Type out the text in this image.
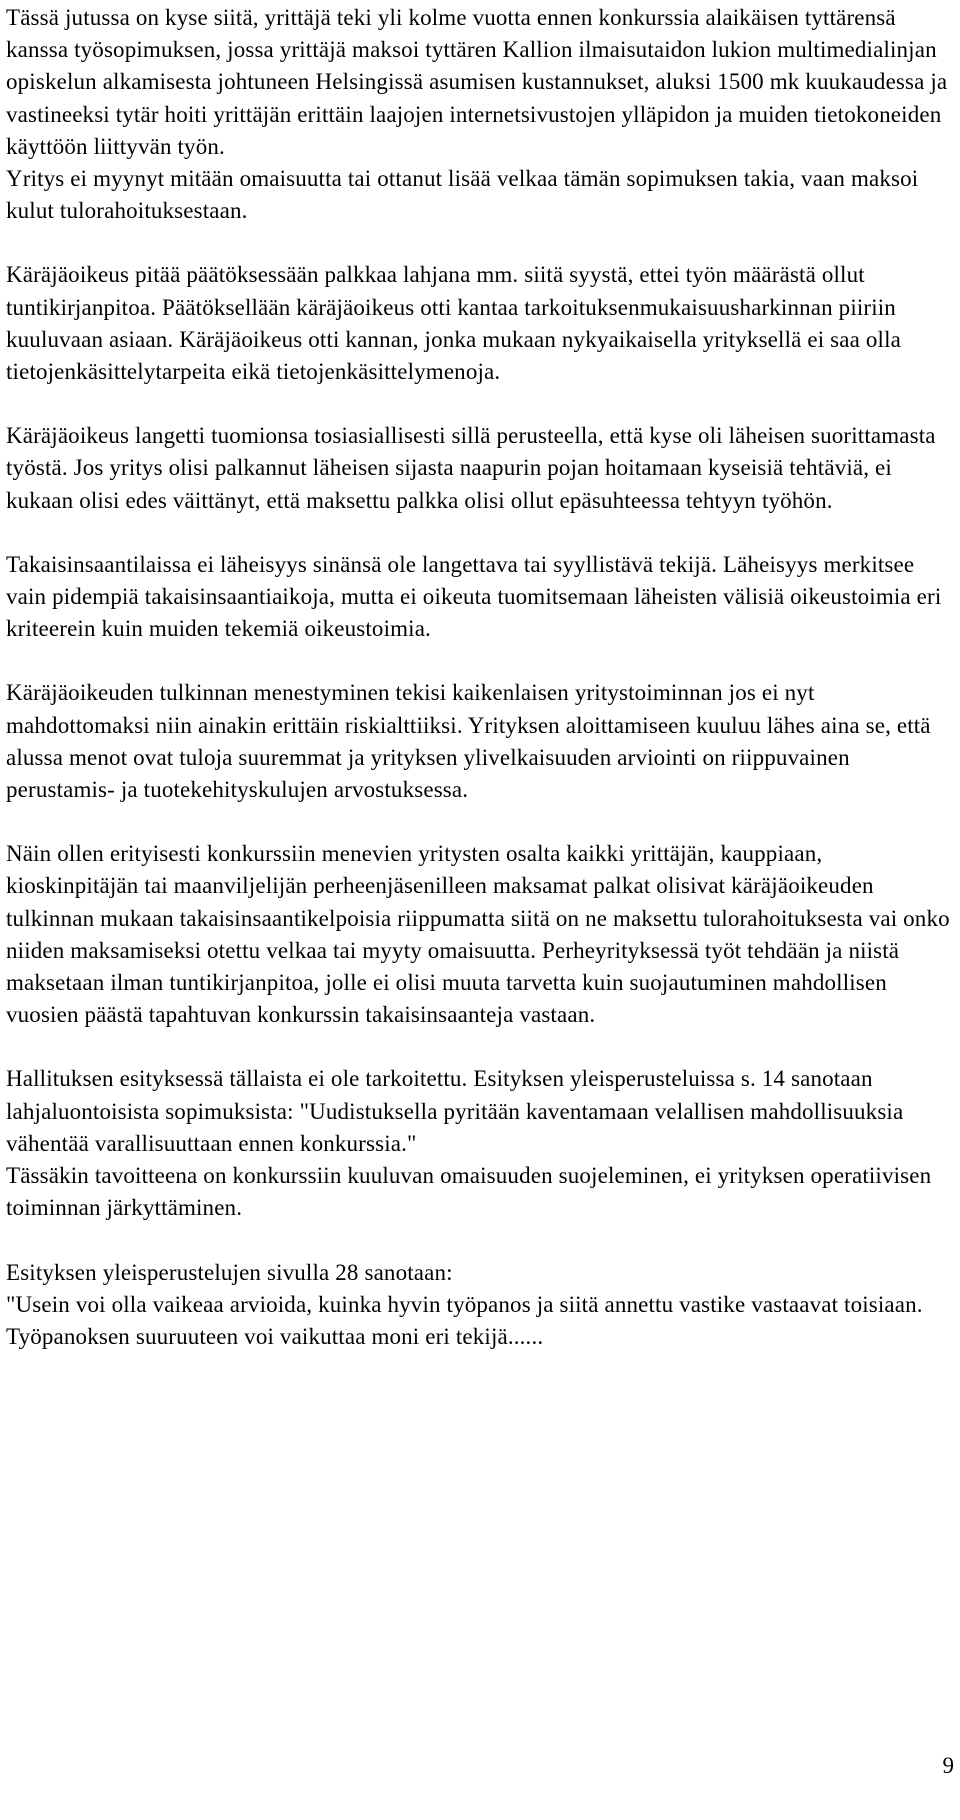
Tässä jutussa on kyse siitä, yrittäjä teki yli kolme vuotta ennen konkurssia alaikäisen tyttärensä kanssa työsopimuksen, jossa yrittäjä maksoi tyttären Kallion ilmaisutaidon lukion multimedialinjan opiskelun alkamisesta johtuneen Helsingissä asumisen kustannukset, aluksi 1500 mk kuukaudessa ja vastineeksi tytär hoiti yrittäjän erittäin laajojen internetsivustojen ylläpidon ja muiden tietokoneiden käyttöön liittyvän työn.

Yritys ei myynyt mitään omaisuutta tai ottanut lisää velkaa tämän sopimuksen takia, vaan maksoi kulut tulorahoituksestaan.

Käräjäoikeus pitää päätöksessään palkkaa lahjana mm. siitä syystä, ettei työn määrästä ollut tuntikirjanpitoa. Päätöksellään käräjäoikeus otti kantaa tarkoituksenmukaisuusharkinnan piiriin kuuluvaan asiaan. Käräjäoikeus otti kannan, jonka mukaan nykyaikaisella yrityksellä ei saa olla tietojenkäsittelytarpeita eikä tietojenkäsittelymenoja.

Käräjäoikeus langetti tuomionsa tosiasiallisesti sillä perusteella, että kyse oli läheisen suorittamasta työstä. Jos yritys olisi palkannut läheisen sijasta naapurin pojan hoitamaan kyseisiä tehtäviä, ei kukaan olisi edes väittänyt, että maksettu palkka olisi ollut epäsuhteessa tehtyyn työhön.

Takaisinsaantilaissa ei läheisyys sinänsä ole langettava tai syyllistävä tekijä. Läheisyys merkitsee vain pidempiä takaisinsaantiaikoja, mutta ei oikeuta tuomitsemaan läheisten välisiä oikeustoimia eri kriteerein kuin muiden tekemiä oikeustoimia.

Käräjäoikeuden tulkinnan menestyminen tekisi kaikenlaisen yritystoiminnan jos ei nyt mahdottomaksi niin ainakin erittäin riskialttiiksi. Yrityksen aloittamiseen kuuluu lähes aina se, että alussa menot ovat tuloja suuremmat ja yrityksen ylivelkaisuuden arviointi on riippuvainen perustamis- ja tuotekehityskulujen arvostuksessa.

Näin ollen erityisesti konkurssiin menevien yritysten osalta kaikki yrittäjän, kauppiaan, kioskinpitäjän tai maanviljelijän perheenjäsenilleen maksamat palkat olisivat käräjäoikeuden tulkinnan mukaan takaisinsaantikelpoisia riippumatta siitä on ne maksettu tulorahoituksesta vai onko niiden maksamiseksi otettu velkaa tai myyty omaisuutta. Perheyrityksessä työt tehdään ja niistä maksetaan ilman tuntikirjanpitoa, jolle ei olisi muuta tarvetta kuin suojautuminen mahdollisen vuosien päästä tapahtuvan konkurssin takaisinsaanteja vastaan.

Hallituksen esityksessä tällaista ei ole tarkoitettu. Esityksen yleisperusteluissa s. 14 sanotaan lahjaluontoisista sopimuksista: "Uudistuksella pyritään kaventamaan velallisen mahdollisuuksia vähentää varallisuuttaan ennen konkurssia."

Tässäkin tavoitteena on konkurssiin kuuluvan omaisuuden suojeleminen, ei yrityksen operatiivisen toiminnan järkyttäminen.

Esityksen yleisperustelujen sivulla 28 sanotaan:

"Usein voi olla vaikeaa arvioida, kuinka hyvin työpanos ja siitä annettu vastike vastaavat toisiaan. Työpanoksen suuruuteen voi vaikuttaa moni eri tekijä......

9
